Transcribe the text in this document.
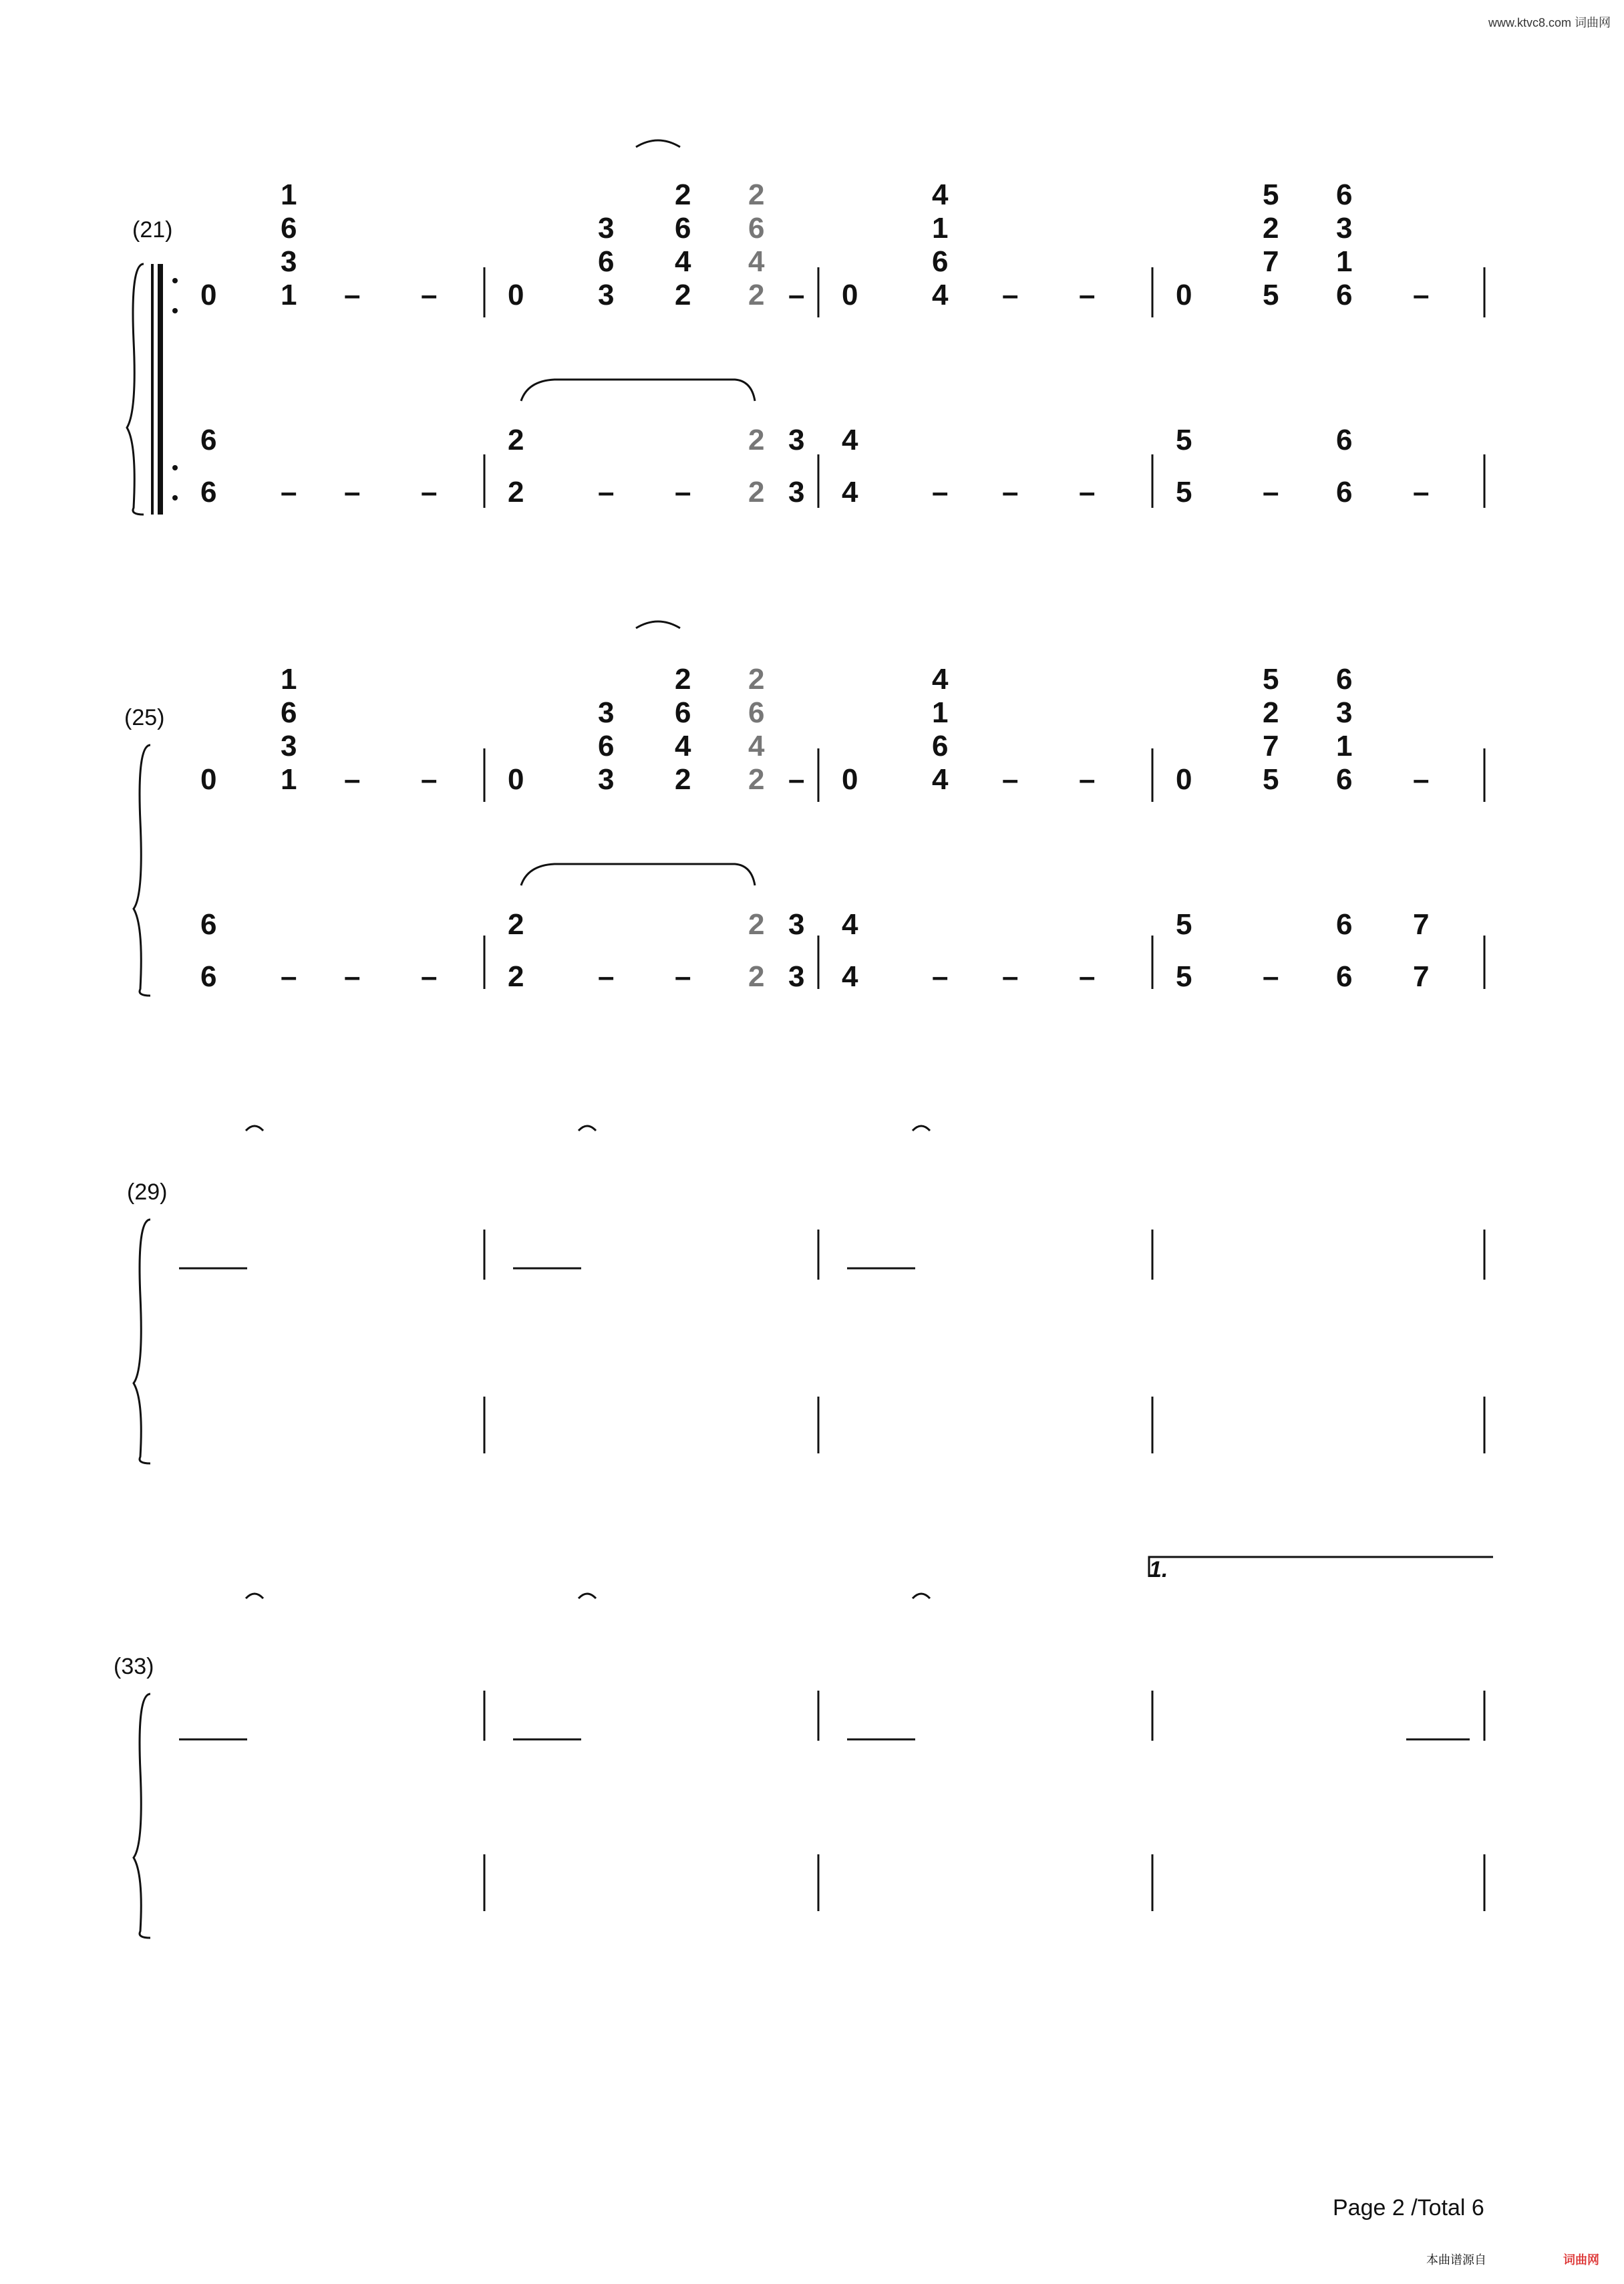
www.ktvc8.com 词曲网
(21)
(25)
(29)
(33)
1.
0 1
3
6
1
– – 0	3
6
3
2
4
6
2
2
4
6
2
– 0	4
6
1
4
– –	0 5
7
2
5
6
1
3
6
–
6
6
– – – 2
2
– – 2
2
3
3
4
4
– – –	5
5
– 6
6
–
0 1
3
6
1
– – 0	3
6
3
2
4
6
2
2
4
6
2
– 0	4
6
1
4
– –	0 5
7
2
5
6
1
3
6
–
6
6
– – – 2
2
– – 2
2
3
3
4
4
– – –	5
5
– 6
6
7
7
Page 2 /Total 6
本曲谱源自	词曲网
